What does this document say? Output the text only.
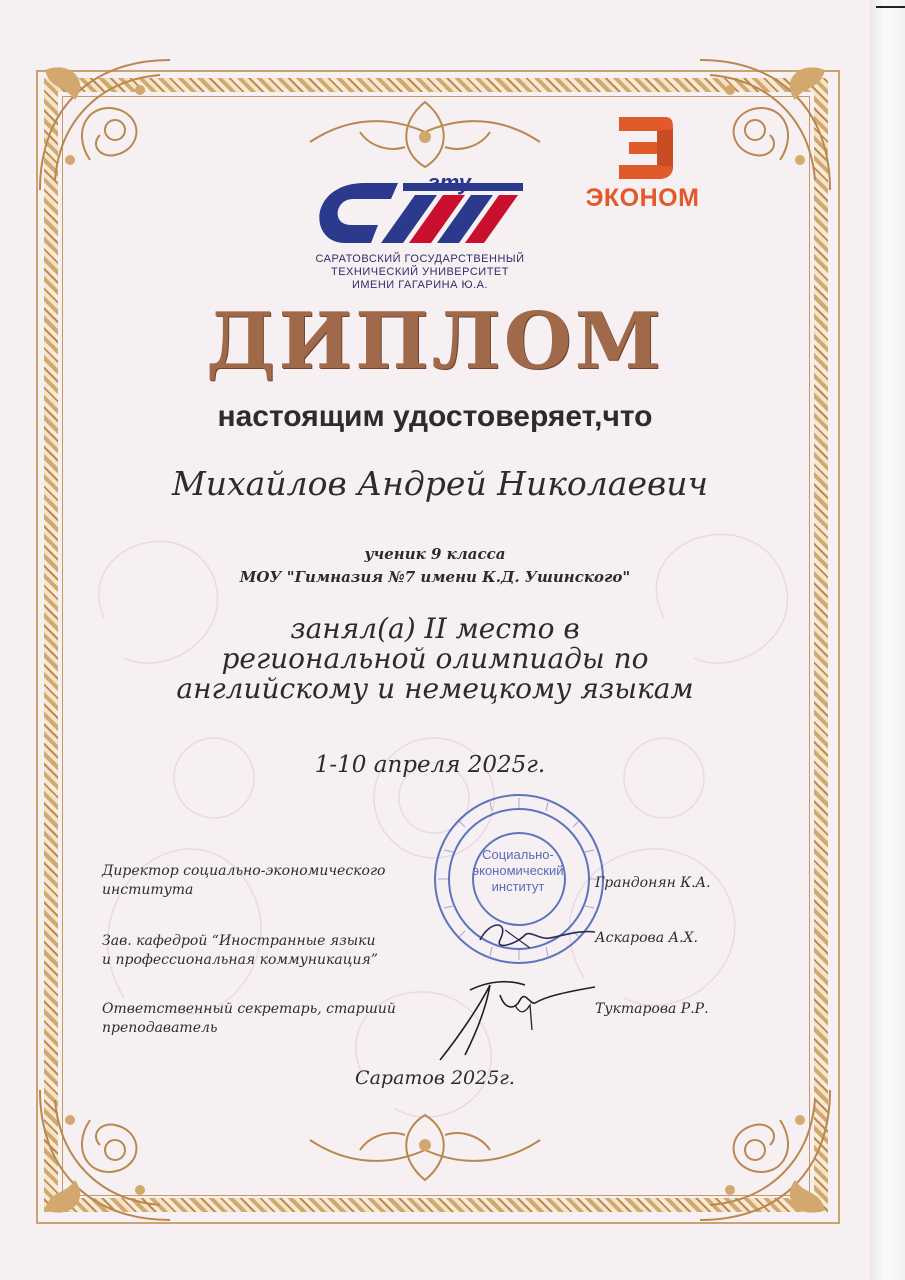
гту
САРАТОВСКИЙ ГОСУДАРСТВЕННЫЙ
ТЕХНИЧЕСКИЙ УНИВЕРСИТЕТ
ИМЕНИ ГАГАРИНА Ю.А.
ЭКОНОМ
ДИПЛОМ
настоящим удостоверяет,что
Михайлов Андрей Николаевич
ученик 9 класса
МОУ "Гимназия №7 имени К.Д. Ушинского"
занял(а) II место в
региональной олимпиады по
английскому и немецкому языкам
1-10 апреля 2025г.
Социально-
экономический
институт
Директор социально-экономического
института	Грандонян К.А.
Зав. кафедрой “Иностранные языки
и профессиональная коммуникация”
Аскарова А.Х.
Ответственный секретарь, старший
преподаватель
Туктарова Р.Р.
Саратов 2025г.
